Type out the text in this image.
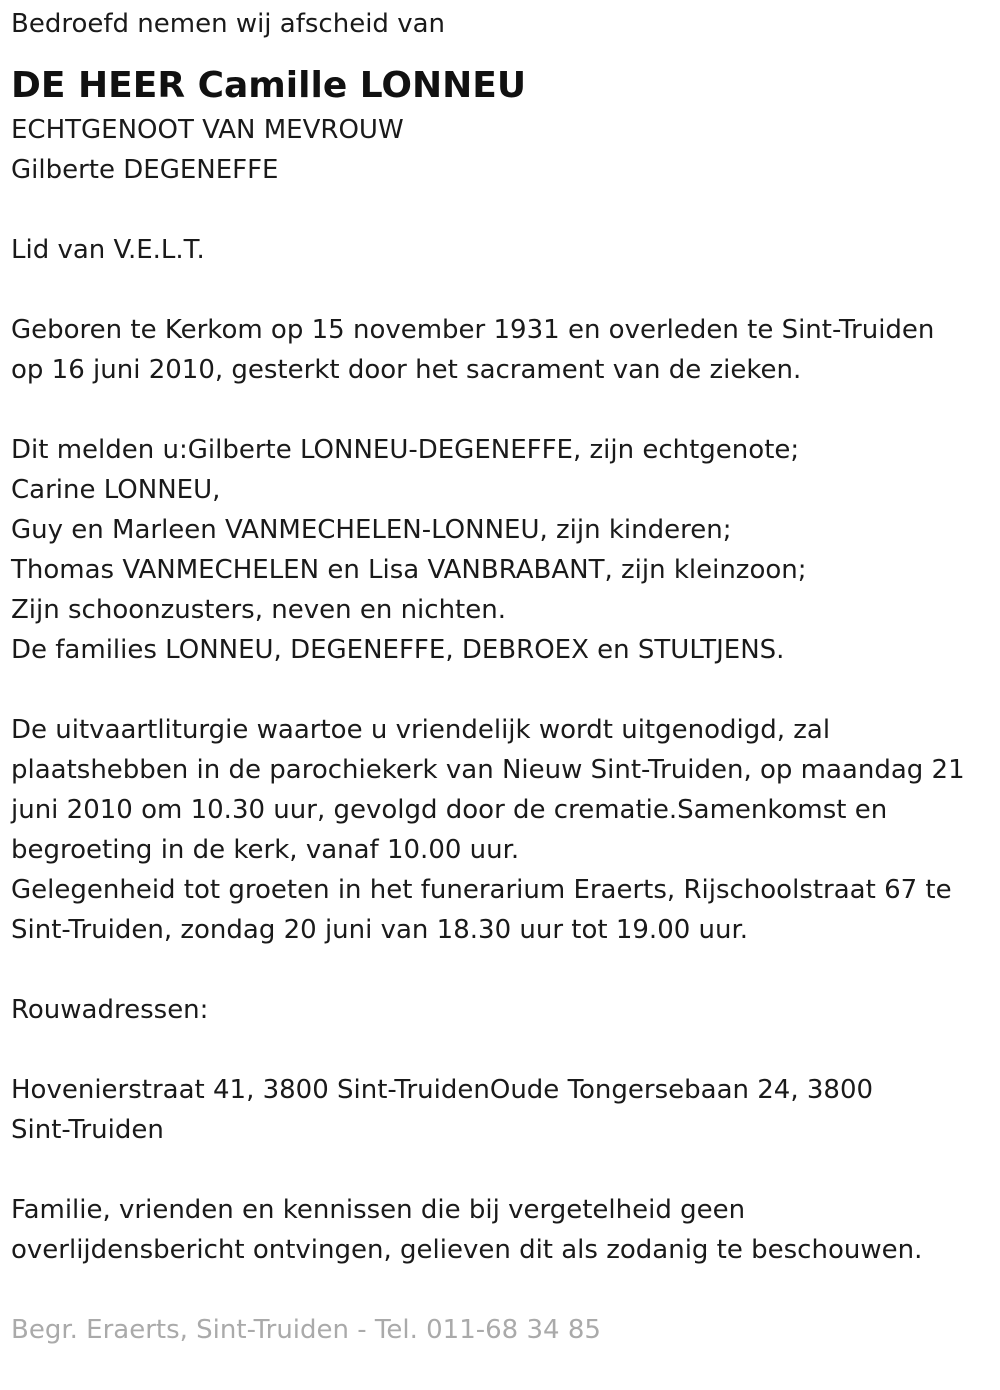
Bedroefd nemen wij afscheid van
DE HEER Camille LONNEU
ECHTGENOOT VAN MEVROUW
Gilberte DEGENEFFE
Lid van V.E.L.T.
Geboren te Kerkom op 15 november 1931 en overleden te Sint-Truiden
op 16 juni 2010, gesterkt door het sacrament van de zieken.
Dit melden u:Gilberte LONNEU-DEGENEFFE, zijn echtgenote;
Carine LONNEU,
Guy en Marleen VANMECHELEN-LONNEU, zijn kinderen;
Thomas VANMECHELEN en Lisa VANBRABANT, zijn kleinzoon;
Zijn schoonzusters, neven en nichten.
De families LONNEU, DEGENEFFE, DEBROEX en STULTJENS.
De uitvaartliturgie waartoe u vriendelijk wordt uitgenodigd, zal
plaatshebben in de parochiekerk van Nieuw Sint-Truiden, op maandag 21
juni 2010 om 10.30 uur, gevolgd door de crematie.Samenkomst en
begroeting in de kerk, vanaf 10.00 uur.
Gelegenheid tot groeten in het funerarium Eraerts, Rijschoolstraat 67 te
Sint-Truiden, zondag 20 juni van 18.30 uur tot 19.00 uur.
Rouwadressen:
Hovenierstraat 41, 3800 Sint-TruidenOude Tongersebaan 24, 3800
Sint-Truiden
Familie, vrienden en kennissen die bij vergetelheid geen
overlijdensbericht ontvingen, gelieven dit als zodanig te beschouwen.
Begr. Eraerts, Sint-Truiden - Tel. 011-68 34 85
